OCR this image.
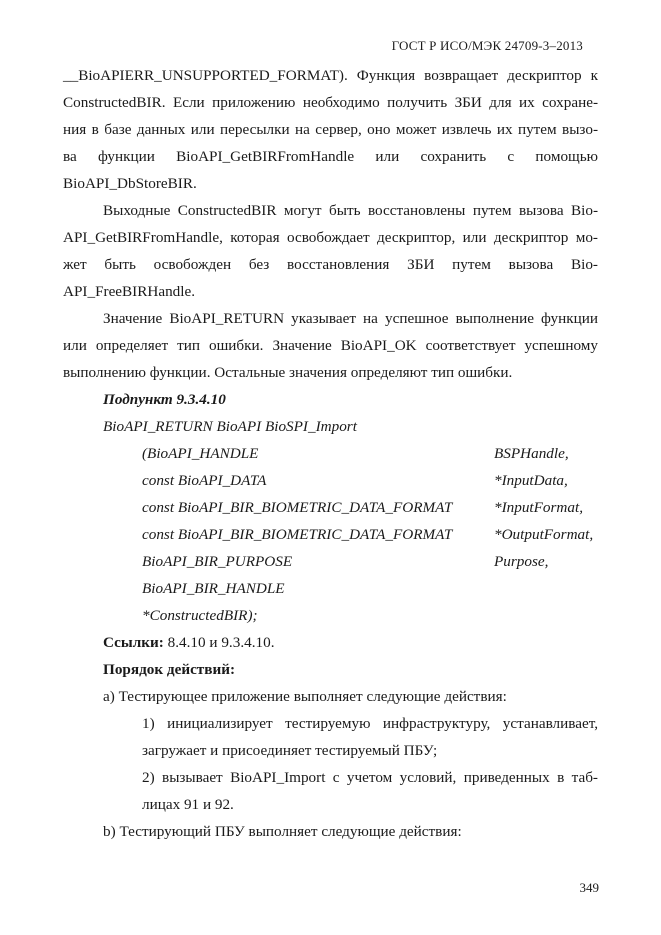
ГОСТ Р ИСО/МЭК 24709-3–2013
__BioAPIERR_UNSUPPORTED_FORMAT). Функция возвращает дескриптор к
ConstructedBIR. Если приложению необходимо получить ЗБИ для их сохране-
ния в базе данных или пересылки на сервер, оно может извлечь их путем вызо-
ва функции BioAPI_GetBIRFromHandle или сохранить с помощью
BioAPI_DbStoreBIR.
Выходные ConstructedBIR могут быть восстановлены путем вызова Bio-
API_GetBIRFromHandle, которая освобождает дескриптор, или дескриптор мо-
жет быть освобожден без восстановления ЗБИ путем вызова Bio-
API_FreeBIRHandle.
Значение BioAPI_RETURN указывает на успешное выполнение функции
или определяет тип ошибки. Значение BioAPI_OK соответствует успешному
выполнению функции. Остальные значения определяют тип ошибки.
Подпункт 9.3.4.10
BioAPI_RETURN BioAPI BioSPI_Import
(BioAPI_HANDLE	BSPHandle,
const BioAPI_DATA	*InputData,
const BioAPI_BIR_BIOMETRIC_DATA_FORMAT	*InputFormat,
const BioAPI_BIR_BIOMETRIC_DATA_FORMAT	*OutputFormat,
BioAPI_BIR_PURPOSE	Purpose,
BioAPI_BIR_HANDLE
*ConstructedBIR);
Ссылки: 8.4.10 и 9.3.4.10.
Порядок действий:
a) Тестирующее приложение выполняет следующие действия:
1) инициализирует тестируемую инфраструктуру, устанавливает,
загружает и присоединяет тестируемый ПБУ;
2) вызывает BioAPI_Import с учетом условий, приведенных в таб-
лицах 91 и 92.
b) Тестирующий ПБУ выполняет следующие действия:
349
